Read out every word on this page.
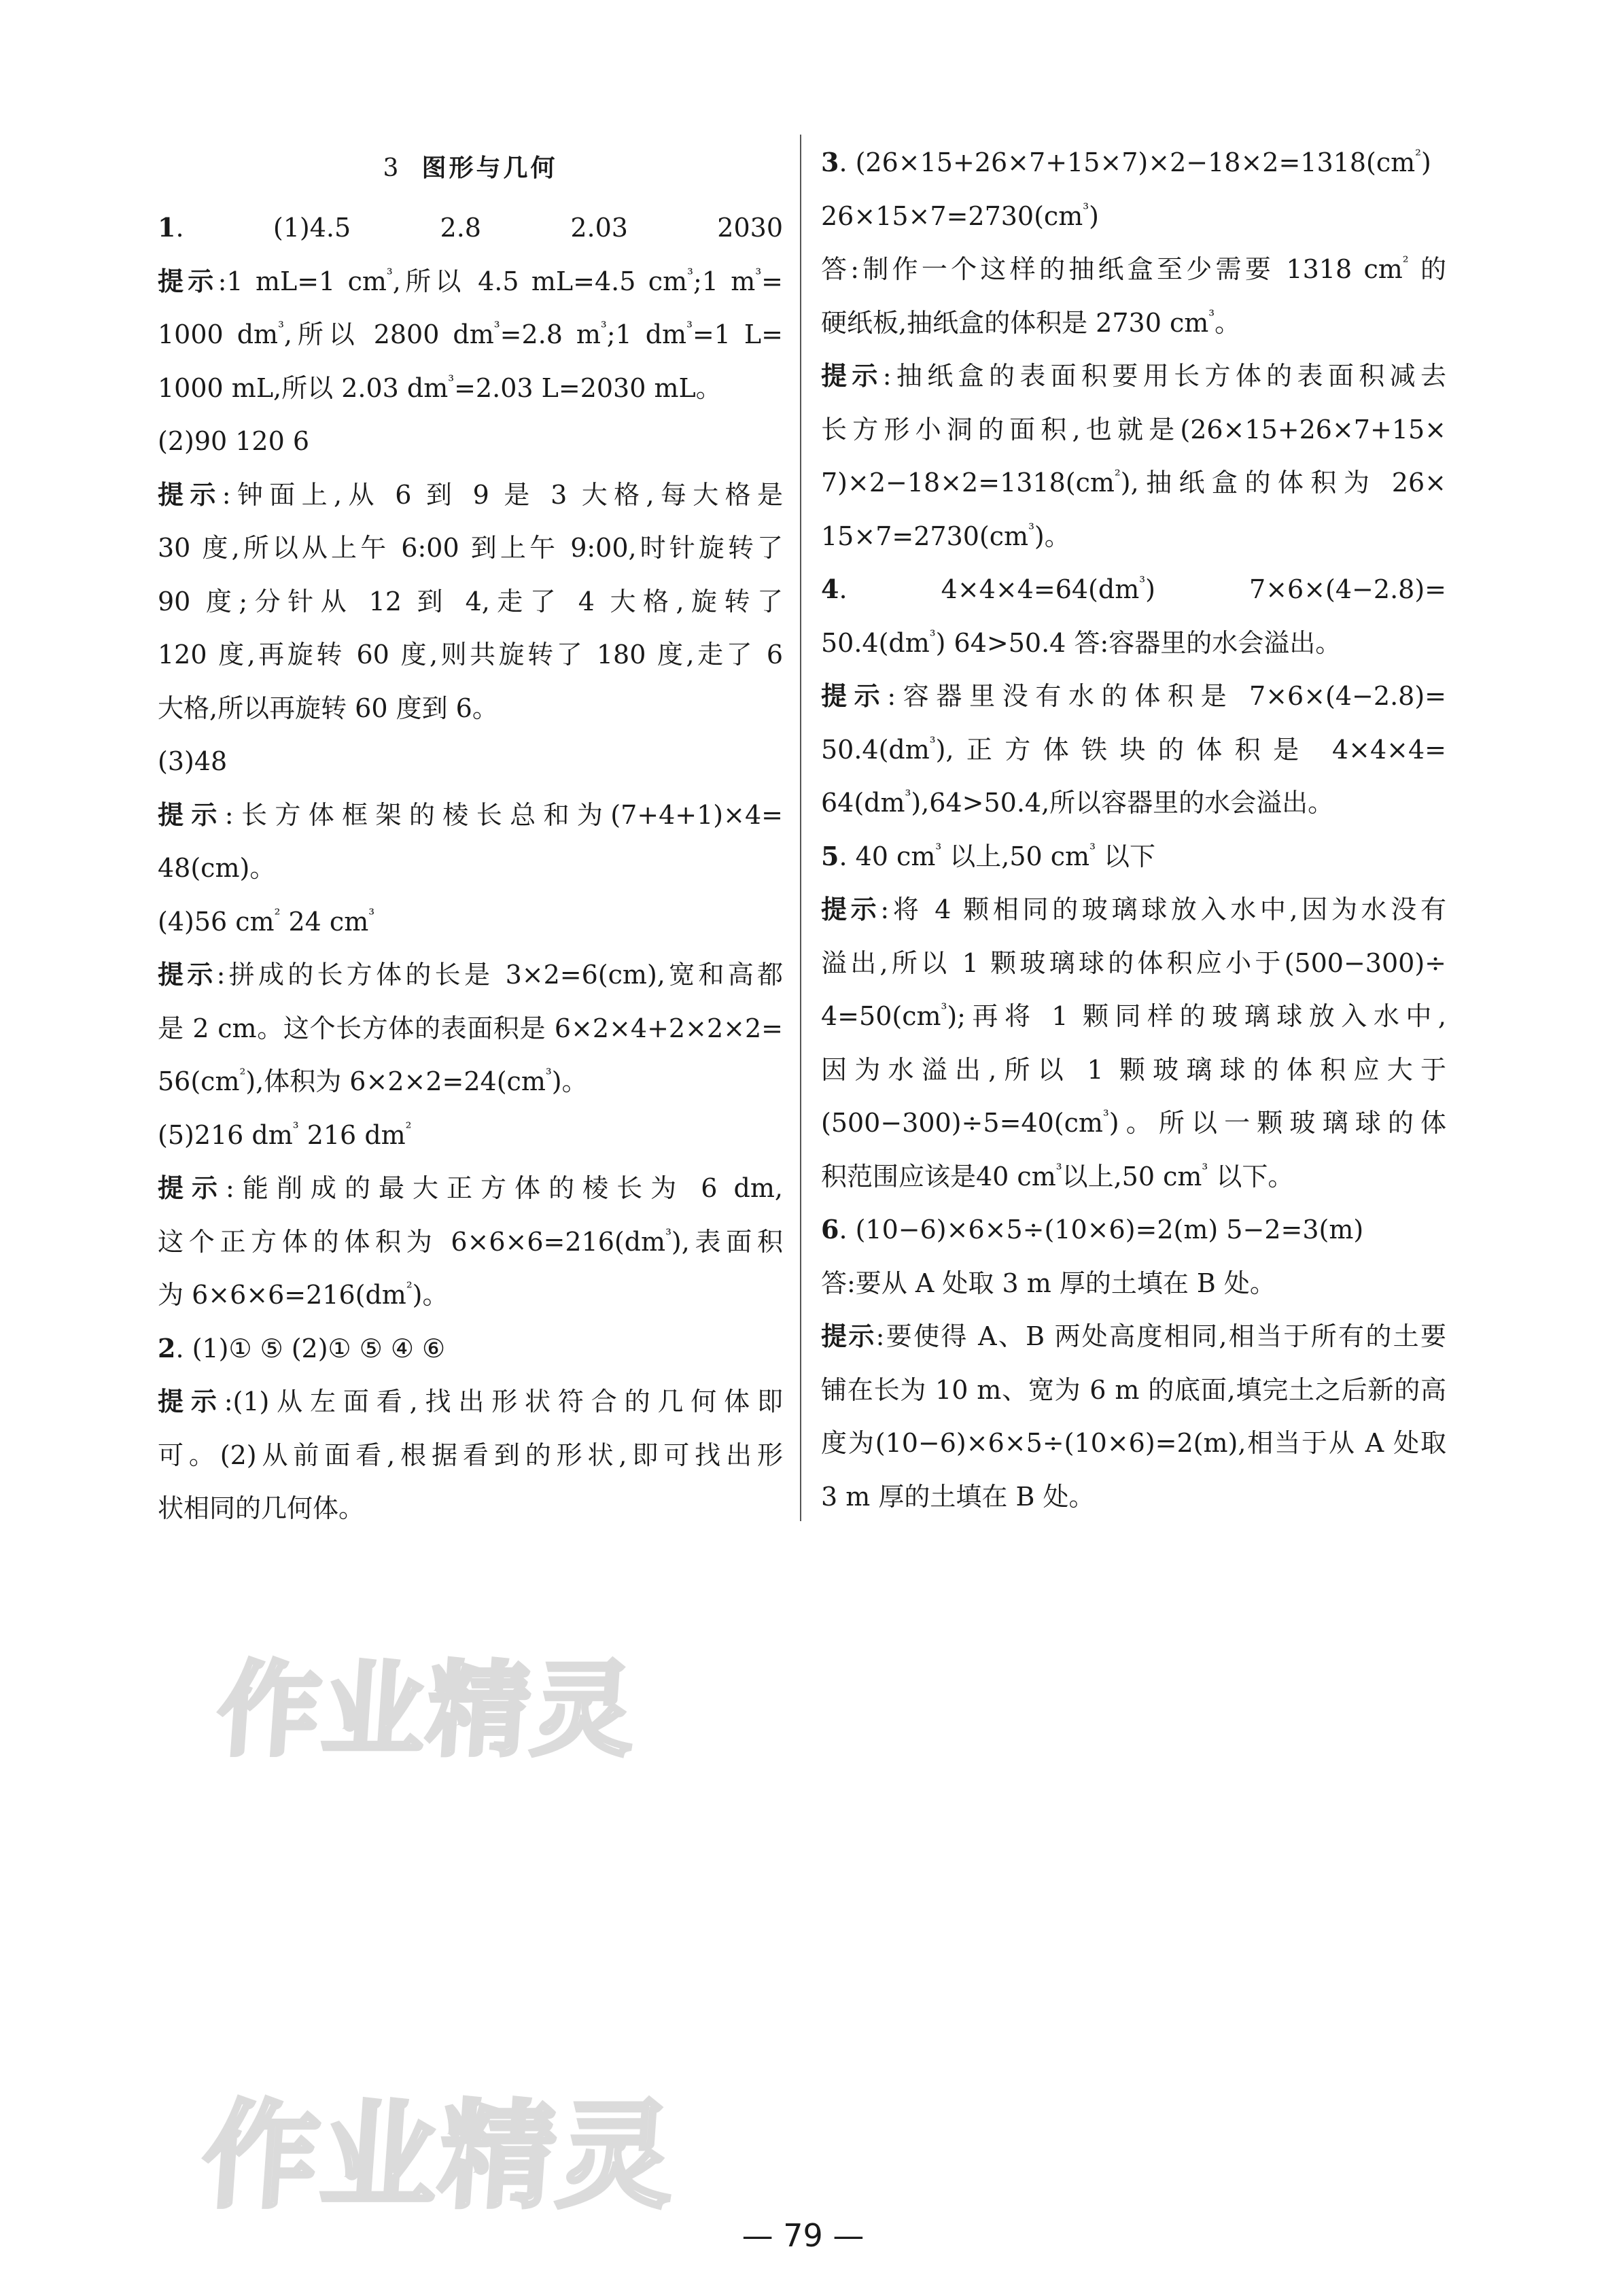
3 图形与几何
1. (1)4.5 2.8 2.03 2030
提示:1 mL=1 $cm^{^3}$,所以 4.5 mL=4.5 $cm^{^3};1$ $m^{^3}=$
1000 $dm^{^3}$,所以 2800 $dm^{^3}=2.8$ $m^{^3};1$ $dm^{^3}=1$ L=
1000 mL,所以 2.03 $dm^{^3}=2.03$ L=2030 mL。
(2)90 120 6
提示:钟面上,从 6 到 9 是 3 大格,每大格是
30 度,所以从上午 6:00 到上午 9:00,时针旋转了
90 度;分针从 12 到 4,走了 4 大格,旋转了
120 度,再旋转 60 度,则共旋转了 180 度,走了 6
大格,所以再旋转 60 度到 6。
(3)48
提示:长方体框架的棱长总和为(7+4+1)×4=
48(cm)。
(4)56 $cm^{^2}$ 24 $cm^{^3}$
提示:拼成的长方体的长是 3×2=6(cm),宽和高都
是 2 cm。这个长方体的表面积是 6×2×4+2×2×2=
$56(cm^{^2})$,体积为 $6\times 2\times 2=24(cm^{^3})$。
(5)216 $dm^{^3}$ 216 $dm^{^2}$
提示:能削成的最大正方体的棱长为 6 dm,
这个正方体的体积为 $6\times 6\times 6=216(dm^{^3})$,表面积
为 $6\times 6\times 6=216(dm^{^2})$。
2. (1)① ⑤ (2)① ⑤ ④ ⑥
提示:(1)从左面看,找出形状符合的几何体即
可。(2)从前面看,根据看到的形状,即可找出形
状相同的几何体。
3. $(26\times 15+26\times 7+15\times 7)\times 2-18\times 2=1318(cm^{^2})$
$26\times 15\times 7=2730(cm^{^3})$
答:制作一个这样的抽纸盒至少需要 1318 $cm^{^2}$ 的
硬纸板,抽纸盒的体积是 2730 $cm^{^3}$。
提示:抽纸盒的表面积要用长方体的表面积减去
长方形小洞的面积,也就是(26×15+26×7+15×
$7)\times 2-18\times 2=1318(cm^{^2})$,抽纸盒的体积为 26×
$15\times 7=2730(cm^{^3})$。
4. $4\times 4\times 4=64(dm^{^3})$ 7×6×(4−2.8)=
$50.4(dm^{^3})$ 64>50.4 答:容器里的水会溢出。
提示:容器里没有水的体积是 7×6×(4−2.8)=
$50.4(dm^{^3})$,正方体铁块的体积是 4×4×4=
$64(dm^{^3}),64>50.4$,所以容器里的水会溢出。
5. 40 $cm^{^3}$ 以上,50 $cm^{^3}$ 以下
提示:将 4 颗相同的玻璃球放入水中,因为水没有
溢出,所以 1 颗玻璃球的体积应小于(500−300)÷
$4=50(cm^{^3})$;再将 1 颗同样的玻璃球放入水中,
因为水溢出,所以 1 颗玻璃球的体积应大于
$(500-300)\div 5=40(cm^{^3})$。所以一颗玻璃球的体
积范围应该是40 $cm^{^3}$以上,50 $cm^{^3}$ 以下。
6. (10−6)×6×5÷(10×6)=2(m) 5−2=3(m)
答:要从 A 处取 3 m 厚的土填在 B 处。
提示:要使得 A、B 两处高度相同,相当于所有的土要
铺在长为 10 m、宽为 6 m 的底面,填完土之后新的高
度为(10−6)×6×5÷(10×6)=2(m),相当于从 A 处取
3 m 厚的土填在 B 处。
作业精灵
作业精灵
— 79 —
